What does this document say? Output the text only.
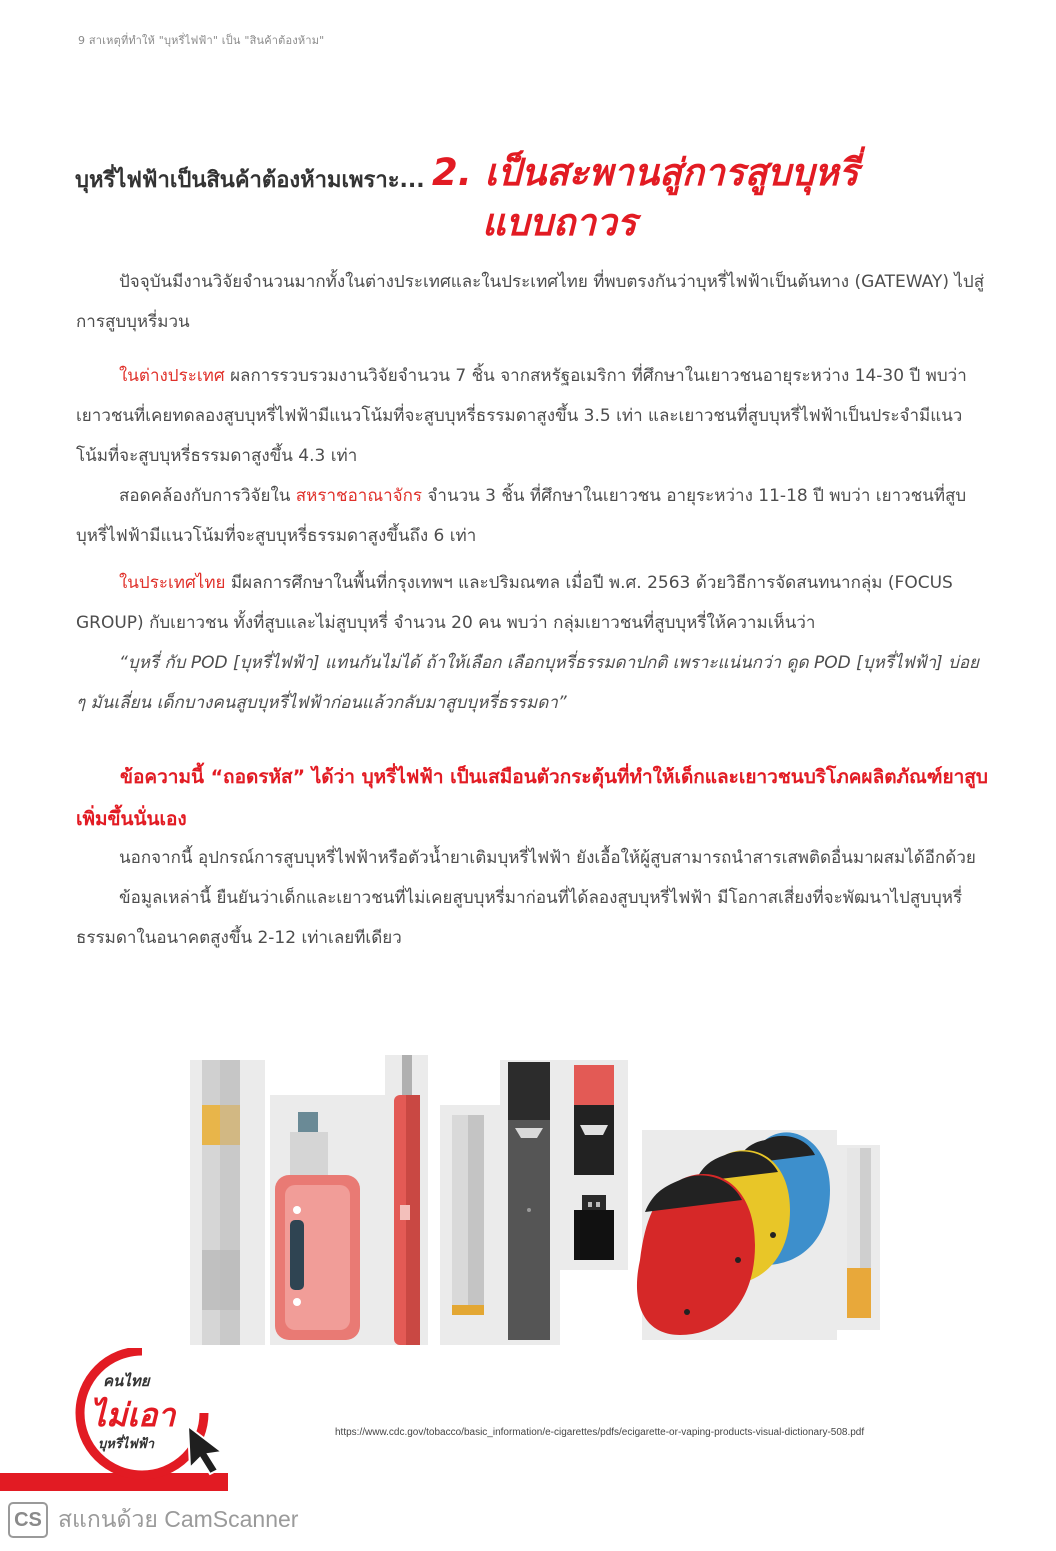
9 สาเหตุที่ทำให้ "บุหรี่ไฟฟ้า" เป็น "สินค้าต้องห้าม"
บุหรี่ไฟฟ้าเป็นสินค้าต้องห้ามเพราะ... 2. เป็นสะพานสู่การสูบบุหรี่
แบบถาวร

ปัจจุบันมีงานวิจัยจำนวนมากทั้งในต่างประเทศและในประเทศไทย ที่พบตรงกันว่าบุหรี่ไฟฟ้าเป็นต้นทาง (GATEWAY) ไปสู่การสูบบุหรี่มวน

ในต่างประเทศ ผลการรวบรวมงานวิจัยจำนวน 7 ชิ้น จากสหรัฐอเมริกา ที่ศึกษาในเยาวชนอายุระหว่าง 14-30 ปี พบว่า เยาวชนที่เคยทดลองสูบบุหรี่ไฟฟ้ามีแนวโน้มที่จะสูบบุหรี่ธรรมดาสูงขึ้น 3.5 เท่า และเยาวชนที่สูบบุหรี่ไฟฟ้าเป็นประจำมีแนวโน้มที่จะสูบบุหรี่ธรรมดาสูงขึ้น 4.3 เท่า

สอดคล้องกับการวิจัยใน สหราชอาณาจักร จำนวน 3 ชิ้น ที่ศึกษาในเยาวชน อายุระหว่าง 11-18 ปี พบว่า เยาวชนที่สูบบุหรี่ไฟฟ้ามีแนวโน้มที่จะสูบบุหรี่ธรรมดาสูงขึ้นถึง 6 เท่า

ในประเทศไทย มีผลการศึกษาในพื้นที่กรุงเทพฯ และปริมณฑล เมื่อปี พ.ศ. 2563 ด้วยวิธีการจัดสนทนากลุ่ม (FOCUS GROUP) กับเยาวชน ทั้งที่สูบและไม่สูบบุหรี่ จำนวน 20 คน พบว่า กลุ่มเยาวชนที่สูบบุหรี่ให้ความเห็นว่า

“บุหรี่ กับ POD [บุหรี่ไฟฟ้า] แทนกันไม่ได้ ถ้าให้เลือก เลือกบุหรี่ธรรมดาปกติ เพราะแน่นกว่า ดูด POD [บุหรี่ไฟฟ้า] บ่อย ๆ มันเลี่ยน เด็กบางคนสูบบุหรี่ไฟฟ้าก่อนแล้วกลับมาสูบบุหรี่ธรรมดา”

ข้อความนี้ “ถอดรหัส” ได้ว่า บุหรี่ไฟฟ้า เป็นเสมือนตัวกระตุ้นที่ทำให้เด็กและเยาวชนบริโภคผลิตภัณฑ์ยาสูบเพิ่มขึ้นนั่นเอง

นอกจากนี้ อุปกรณ์การสูบบุหรี่ไฟฟ้าหรือตัวน้ำยาเติมบุหรี่ไฟฟ้า ยังเอื้อให้ผู้สูบสามารถนำสารเสพติดอื่นมาผสมได้อีกด้วย

ข้อมูลเหล่านี้ ยืนยันว่าเด็กและเยาวชนที่ไม่เคยสูบบุหรี่มาก่อนที่ได้ลองสูบบุหรี่ไฟฟ้า มีโอกาสเสี่ยงที่จะพัฒนาไปสูบบุหรี่ธรรมดาในอนาคตสูงขึ้น 2-12 เท่าเลยทีเดียว

คนไทย
ไม่เอา
บุหรี่ไฟฟ้า
https://www.cdc.gov/tobacco/basic_information/e-cigarettes/pdfs/ecigarette-or-vaping-products-visual-dictionary-508.pdf
CS สแกนด้วย CamScanner
